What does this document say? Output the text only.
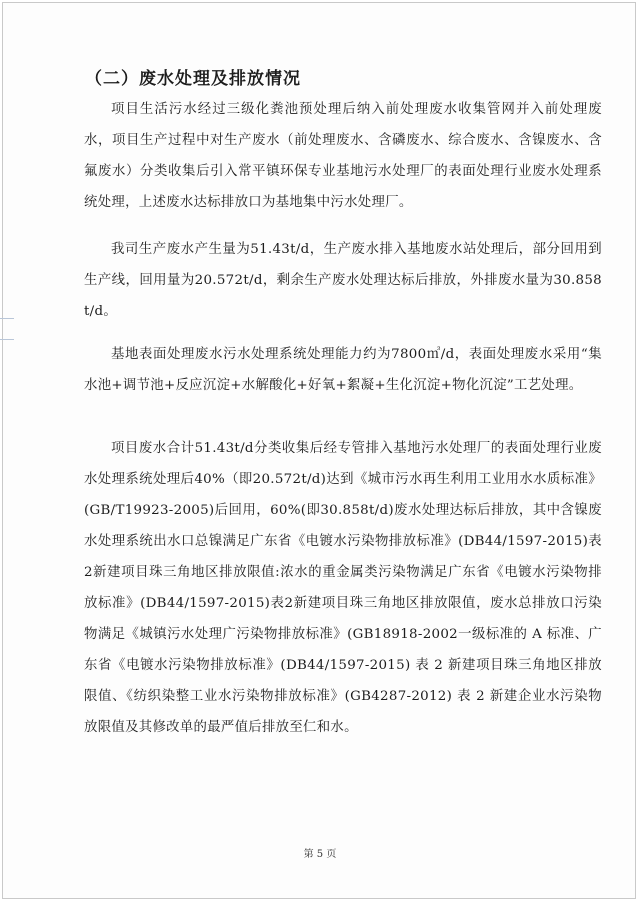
（二）废水处理及排放情况

项目生活污水经过三级化粪池预处理后纳入前处理废水收集管网并入前处理废水，项目生产过程中对生产废水（前处理废水、含磷废水、综合废水、含镍废水、含氟废水）分类收集后引入常平镇环保专业基地污水处理厂的表面处理行业废水处理系统处理，上述废水达标排放口为基地集中污水处理厂。

我司生产废水产生量为51.43t/d，生产废水排入基地废水站处理后，部分回用到生产线，回用量为20.572t/d，剩余生产废水处理达标后排放，外排废水量为30.858t/d。

基地表面处理废水污水处理系统处理能力约为7800㎥/d，表面处理废水采用“集水池+调节池+反应沉淀+水解酸化+好氧+絮凝+生化沉淀+物化沉淀”工艺处理。

项目废水合计51.43t/d分类收集后经专管排入基地污水处理厂的表面处理行业废水处理系统处理后40%（即20.572t/d)达到《城市污水再生利用工业用水水质标准》(GB/T19923-2005)后回用，60%(即30.858t/d)废水处理达标后排放，其中含镍废水处理系统出水口总镍满足广东省《电镀水污染物排放标准》(DB44/1597-2015)表2新建项目珠三角地区排放限值:浓水的重金属类污染物满足广东省《电镀水污染物排放标准》(DB44/1597-2015)表2新建项目珠三角地区排放限值，废水总排放口污染物满足《城镇污水处理广污染物排放标准》(GB18918-2002一级标准的 A 标准、广东省《电镀水污染物排放标准》(DB44/1597-2015) 表 2 新建项目珠三角地区排放限值、《纺织染整工业水污染物排放标准》(GB4287-2012) 表 2 新建企业水污染物放限值及其修改单的最严值后排放至仁和水。

第 5 页
